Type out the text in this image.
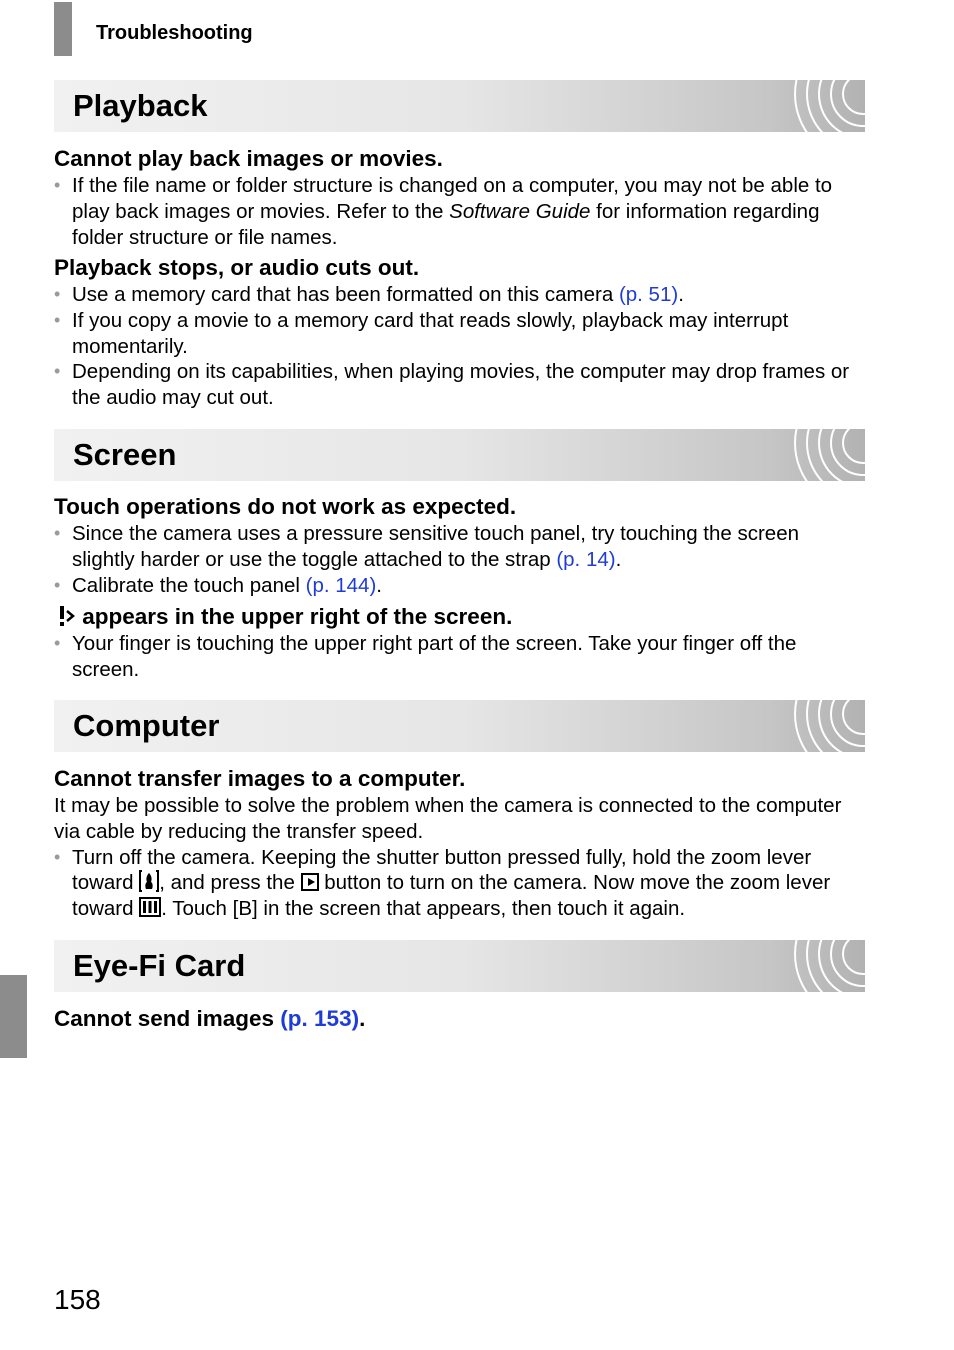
Troubleshooting
Playback

Cannot play back images or movies.

• If the file name or folder structure is changed on a computer, you may not be able to play back images or movies. Refer to the Software Guide for information regarding folder structure or file names.

Playback stops, or audio cuts out.

• Use a memory card that has been formatted on this camera (p. 51).
• If you copy a movie to a memory card that reads slowly, playback may interrupt momentarily.
• Depending on its capabilities, when playing movies, the computer may drop frames or the audio may cut out.
Screen

Touch operations do not work as expected.

• Since the camera uses a pressure sensitive touch panel, try touching the screen slightly harder or use the toggle attached to the strap (p. 14).
• Calibrate the touch panel (p. 144).

appears in the upper right of the screen.

• Your finger is touching the upper right part of the screen. Take your finger off the screen.
Computer

Cannot transfer images to a computer.

It may be possible to solve the problem when the camera is connected to the computer via cable by reducing the transfer speed.

• Turn off the camera. Keeping the shutter button pressed fully, hold the zoom lever toward , and press the  button to turn on the camera. Now move the zoom lever toward . Touch [B] in the screen that appears, then touch it again.
Eye-Fi Card

Cannot send images (p. 153).

158
